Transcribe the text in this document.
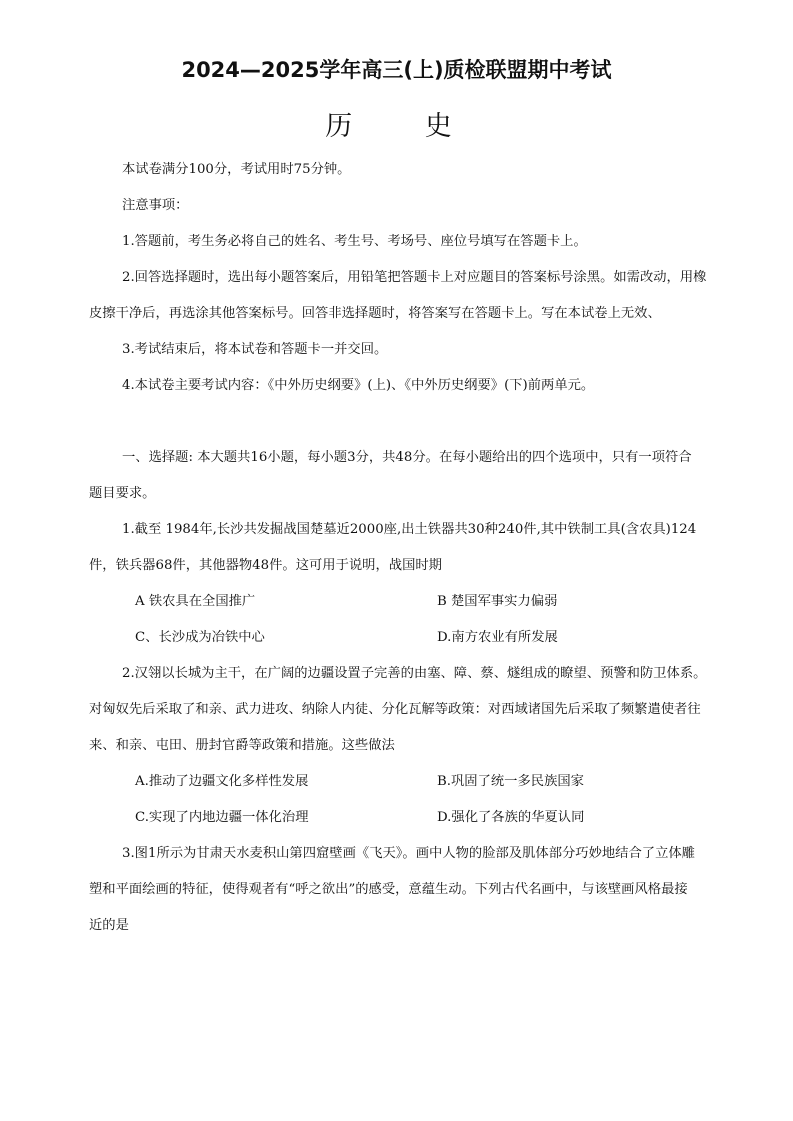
2024—2025学年高三(上)质检联盟期中考试
历 史
本试卷满分100分，考试用时75分钟。
注意事项：
1.答题前，考生务必将自己的姓名、考生号、考场号、座位号填写在答题卡上。
2.回答选择题时，选出每小题答案后，用铅笔把答题卡上对应题目的答案标号涂黑。如需改动，用橡
皮擦干净后，再选涂其他答案标号。回答非选择题时，将答案写在答题卡上。写在本试卷上无效、
3.考试结束后，将本试卷和答题卡一并交回。
4.本试卷主要考试内容：《中外历史纲要》(上)、《中外历史纲要》(下)前两单元。
一、选择题: 本大题共16小题，每小题3分，共48分。在每小题给出的四个选项中，只有一项符合
题目要求。
1.截至 1984年,长沙共发掘战国楚墓近2000座,出土铁器共30种240件,其中铁制工具(含农具)124
件，铁兵器68件，其他器物48件。这可用于说明，战国时期
A 铁农具在全国推广	B 楚国军事实力偏弱
C、长沙成为冶铁中心	D.南方农业有所发展
2.汉翎以长城为主干，在广阔的边疆设置子完善的由塞、障、蔡、燧组成的瞭望、预警和防卫体系。
对匈奴先后采取了和亲、武力进攻、纳除人内徒、分化瓦解等政策：对西域诸国先后采取了频繁遣使者往
来、和亲、屯田、册封官爵等政策和措施。这些做法
A.推动了边疆文化多样性发展	B.巩固了统一多民族国家
C.实现了内地边疆一体化治理	D.强化了各族的华夏认同
3.图1所示为甘肃天水麦积山第四窟壁画《飞天》。画中人物的脸部及肌体部分巧妙地结合了立体雕
塑和平面绘画的特征，使得观者有“呼之欲出”的感受，意蕴生动。下列古代名画中，与该壁画风格最接
近的是
